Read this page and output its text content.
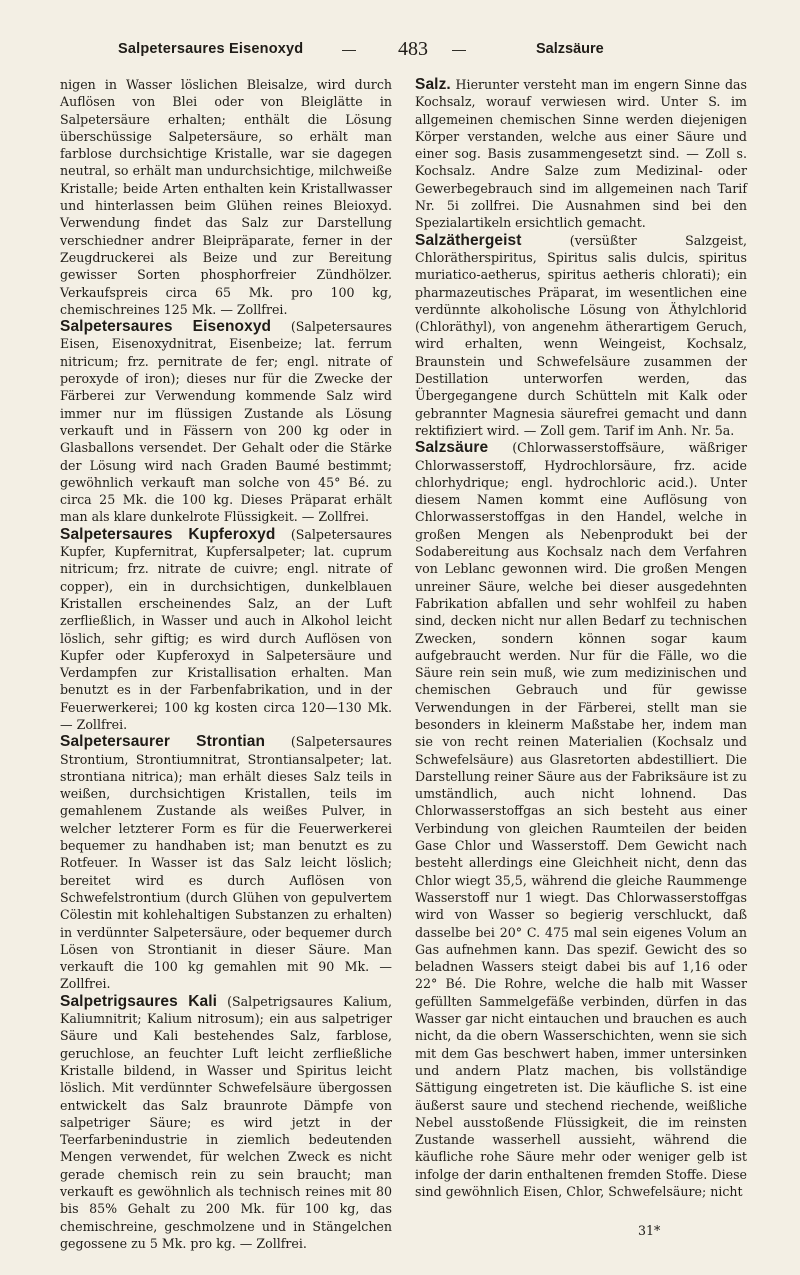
Salpetersaures Eisenoxyd	— 483 —	Salzsäure

nigen in Wasser löslichen Bleisalze, wird durch Auflösen von Blei oder von Bleiglätte in Salpetersäure erhalten; enthält die Lösung überschüssige Salpetersäure, so erhält man farblose durchsichtige Kristalle, war sie dagegen neutral, so erhält man undurchsichtige, milchweiße Kristalle; beide Arten enthalten kein Kristallwasser und hinterlassen beim Glühen reines Bleioxyd. Verwendung findet das Salz zur Darstellung verschiedner andrer Bleipräparate, ferner in der Zeugdruckerei als Beize und zur Bereitung gewisser Sorten phosphorfreier Zündhölzer. Verkaufspreis circa 65 Mk. pro 100 kg, chemischreines 125 Mk. — Zollfrei.

Salpetersaures Eisenoxyd (Salpetersaures Eisen, Eisenoxydnitrat, Eisenbeize; lat. ferrum nitricum; frz. pernitrate de fer; engl. nitrate of peroxyde of iron); dieses nur für die Zwecke der Färberei zur Verwendung kommende Salz wird immer nur im flüssigen Zustande als Lösung verkauft und in Fässern von 200 kg oder in Glasballons versendet. Der Gehalt oder die Stärke der Lösung wird nach Graden Baumé bestimmt; gewöhnlich verkauft man solche von 45° Bé. zu circa 25 Mk. die 100 kg. Dieses Präparat erhält man als klare dunkelrote Flüssigkeit. — Zollfrei.

Salpetersaures Kupferoxyd (Salpetersaures Kupfer, Kupfernitrat, Kupfersalpeter; lat. cuprum nitricum; frz. nitrate de cuivre; engl. nitrate of copper), ein in durchsichtigen, dunkelblauen Kristallen erscheinendes Salz, an der Luft zerfließlich, in Wasser und auch in Alkohol leicht löslich, sehr giftig; es wird durch Auflösen von Kupfer oder Kupferoxyd in Salpetersäure und Verdampfen zur Kristallisation erhalten. Man benutzt es in der Farbenfabrikation, und in der Feuerwerkerei; 100 kg kosten circa 120—130 Mk. — Zollfrei.

Salpetersaurer Strontian (Salpetersaures Strontium, Strontiumnitrat, Strontiansalpeter; lat. strontiana nitrica); man erhält dieses Salz teils in weißen, durchsichtigen Kristallen, teils im gemahlenem Zustande als weißes Pulver, in welcher letzterer Form es für die Feuerwerkerei bequemer zu handhaben ist; man benutzt es zu Rotfeuer. In Wasser ist das Salz leicht löslich; bereitet wird es durch Auflösen von Schwefelstrontium (durch Glühen von gepulvertem Cölestin mit kohlehaltigen Substanzen zu erhalten) in verdünnter Salpetersäure, oder bequemer durch Lösen von Strontianit in dieser Säure. Man verkauft die 100 kg gemahlen mit 90 Mk. — Zollfrei.

Salpetrigsaures Kali (Salpetrigsaures Kalium, Kaliumnitrit; Kalium nitrosum); ein aus salpetriger Säure und Kali bestehendes Salz, farblose, geruchlose, an feuchter Luft leicht zerfließliche Kristalle bildend, in Wasser und Spiritus leicht löslich. Mit verdünnter Schwefelsäure übergossen entwickelt das Salz braunrote Dämpfe von salpetriger Säure; es wird jetzt in der Teerfarbenindustrie in ziemlich bedeutenden Mengen verwendet, für welchen Zweck es nicht gerade chemisch rein zu sein braucht; man verkauft es gewöhnlich als technisch reines mit 80 bis 85% Gehalt zu 200 Mk. für 100 kg, das chemischreine, geschmolzene und in Stängelchen gegossene zu 5 Mk. pro kg. — Zollfrei.

Salz. Hierunter versteht man im engern Sinne das Kochsalz, worauf verwiesen wird. Unter S. im allgemeinen chemischen Sinne werden diejenigen Körper verstanden, welche aus einer Säure und einer sog. Basis zusammengesetzt sind. — Zoll s. Kochsalz. Andre Salze zum Medizinal- oder Gewerbegebrauch sind im allgemeinen nach Tarif Nr. 5i zollfrei. Die Ausnahmen sind bei den Spezialartikeln ersichtlich gemacht.

Salzäthergeist (versüßter Salzgeist, Chlorätherspiritus, Spiritus salis dulcis, spiritus muriatico-aetherus, spiritus aetheris chlorati); ein pharmazeutisches Präparat, im wesentlichen eine verdünnte alkoholische Lösung von Äthylchlorid (Chloräthyl), von angenehm ätherartigem Geruch, wird erhalten, wenn Weingeist, Kochsalz, Braunstein und Schwefelsäure zusammen der Destillation unterworfen werden, das Übergegangene durch Schütteln mit Kalk oder gebrannter Magnesia säurefrei gemacht und dann rektifiziert wird. — Zoll gem. Tarif im Anh. Nr. 5a.

Salzsäure (Chlorwasserstoffsäure, wäßriger Chlorwasserstoff, Hydrochlorsäure, frz. acide chlorhydrique; engl. hydrochloric acid.). Unter diesem Namen kommt eine Auflösung von Chlorwasserstoffgas in den Handel, welche in großen Mengen als Nebenprodukt bei der Sodabereitung aus Kochsalz nach dem Verfahren von Leblanc gewonnen wird. Die großen Mengen unreiner Säure, welche bei dieser ausgedehnten Fabrikation abfallen und sehr wohlfeil zu haben sind, decken nicht nur allen Bedarf zu technischen Zwecken, sondern können sogar kaum aufgebraucht werden. Nur für die Fälle, wo die Säure rein sein muß, wie zum medizinischen und chemischen Gebrauch und für gewisse Verwendungen in der Färberei, stellt man sie besonders in kleinerm Maßstabe her, indem man sie von recht reinen Materialien (Kochsalz und Schwefelsäure) aus Glasretorten abdestilliert. Die Darstellung reiner Säure aus der Fabriksäure ist zu umständlich, auch nicht lohnend. Das Chlorwasserstoffgas an sich besteht aus einer Verbindung von gleichen Raumteilen der beiden Gase Chlor und Wasserstoff. Dem Gewicht nach besteht allerdings eine Gleichheit nicht, denn das Chlor wiegt 35,5, während die gleiche Raummenge Wasserstoff nur 1 wiegt. Das Chlorwasserstoffgas wird von Wasser so begierig verschluckt, daß dasselbe bei 20° C. 475 mal sein eigenes Volum an Gas aufnehmen kann. Das spezif. Gewicht des so beladnen Wassers steigt dabei bis auf 1,16 oder 22° Bé. Die Rohre, welche die halb mit Wasser gefüllten Sammelgefäße verbinden, dürfen in das Wasser gar nicht eintauchen und brauchen es auch nicht, da die obern Wasserschichten, wenn sie sich mit dem Gas beschwert haben, immer untersinken und andern Platz machen, bis vollständige Sättigung eingetreten ist. Die käufliche S. ist eine äußerst saure und stechend riechende, weißliche Nebel ausstoßende Flüssigkeit, die im reinsten Zustande wasserhell aussieht, während die käufliche rohe Säure mehr oder weniger gelb ist infolge der darin enthaltenen fremden Stoffe. Diese sind gewöhnlich Eisen, Chlor, Schwefelsäure; nicht

31*
